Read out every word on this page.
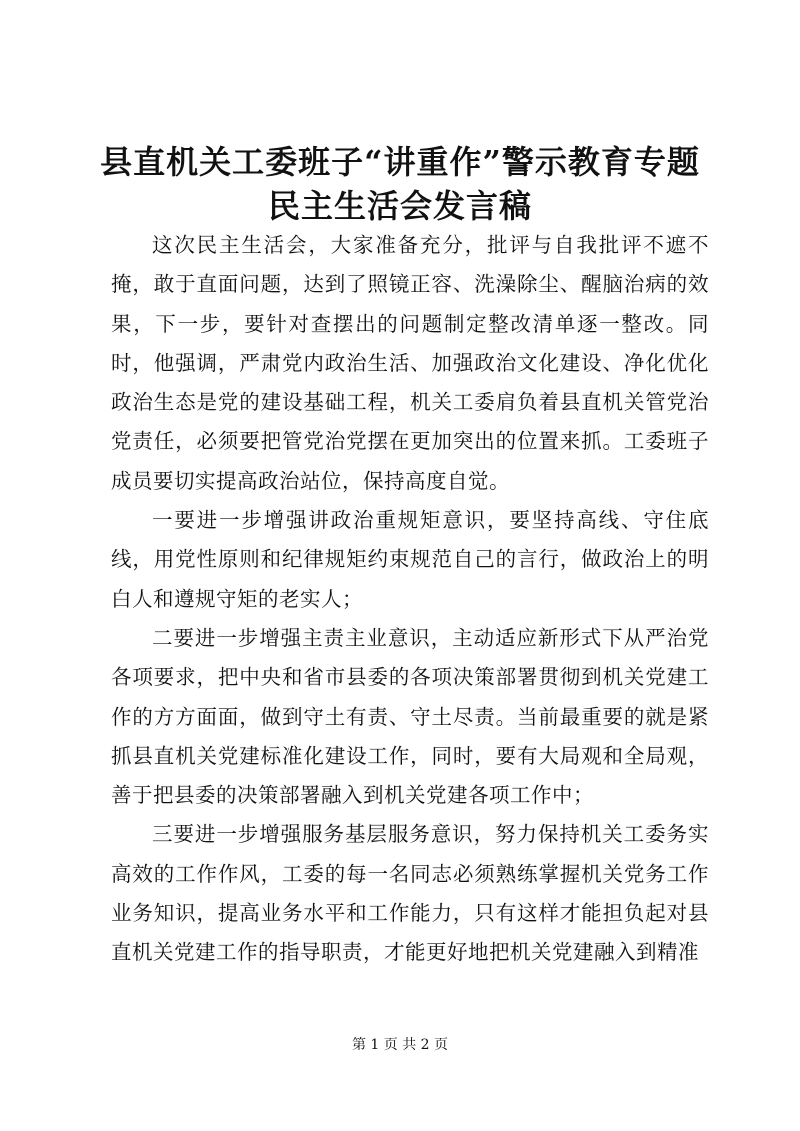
县直机关工委班子“讲重作”警示教育专题民主生活会发言稿

这次民主生活会，大家准备充分，批评与自我批评不遮不掩，敢于直面问题，达到了照镜正容、洗澡除尘、醒脑治病的效果，下一步，要针对查摆出的问题制定整改清单逐一整改。同时，他强调，严肃党内政治生活、加强政治文化建设、净化优化政治生态是党的建设基础工程，机关工委肩负着县直机关管党治党责任，必须要把管党治党摆在更加突出的位置来抓。工委班子成员要切实提高政治站位，保持高度自觉。

一要进一步增强讲政治重规矩意识，要坚持高线、守住底线，用党性原则和纪律规矩约束规范自己的言行，做政治上的明白人和遵规守矩的老实人；

二要进一步增强主责主业意识，主动适应新形式下从严治党各项要求，把中央和省市县委的各项决策部署贯彻到机关党建工作的方方面面，做到守土有责、守土尽责。当前最重要的就是紧抓县直机关党建标准化建设工作，同时，要有大局观和全局观，善于把县委的决策部署融入到机关党建各项工作中；

三要进一步增强服务基层服务意识，努力保持机关工委务实高效的工作作风，工委的每一名同志必须熟练掌握机关党务工作业务知识，提高业务水平和工作能力，只有这样才能担负起对县直机关党建工作的指导职责，才能更好地把机关党建融入到精准

第 1 页 共 2 页
